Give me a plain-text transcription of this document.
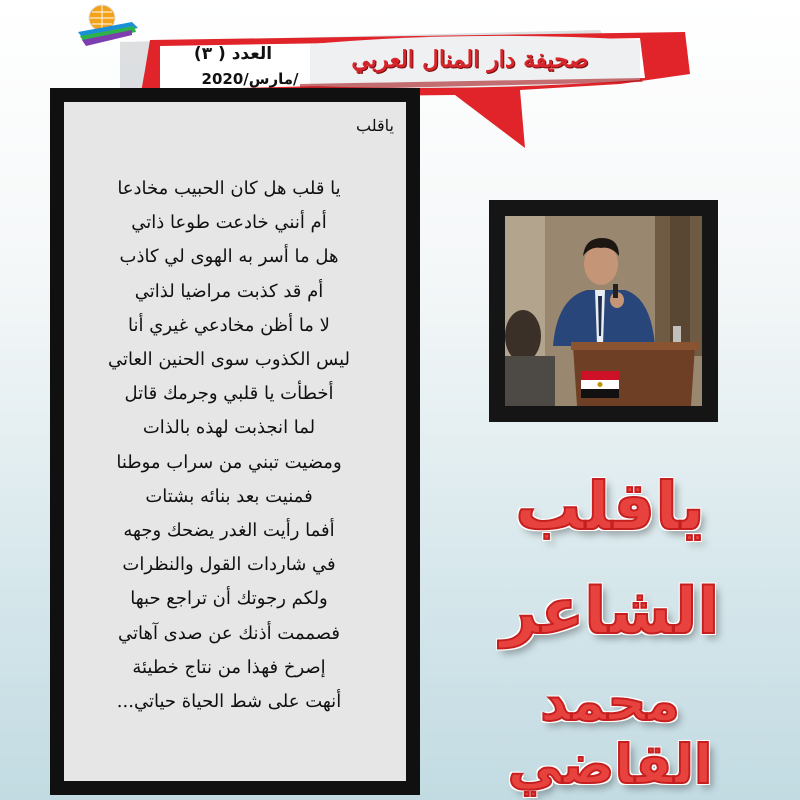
صحيفة دار المنال العربي
العدد ( ٣)
مارس/2020/
ياقلب
يا قلب هل كان الحبيب مخادعا
أم أنني خادعت طوعا ذاتي
هل ما أسر به الهوى لي كاذب
أم قد كذبت مراضيا لذاتي
لا ما أظن مخادعي غيري أنا
ليس الكذوب سوى الحنين العاتي
أخطأت يا قلبي وجرمك قاتل
لما انجذبت لهذه بالذات
ومضيت تبني من سراب موطنا
فمنيت بعد بنائه بشتات
أفما رأيت الغدر يضحك وجهه
في شاردات القول والنظرات
ولكم رجوتك أن تراجع حبها
فصممت أذنك عن صدى آهاتي
إصرخ فهذا من نتاج خطيئة
أنهت على شط الحياة حياتي...
ياقلب
الشاعر
محمد القاضي
